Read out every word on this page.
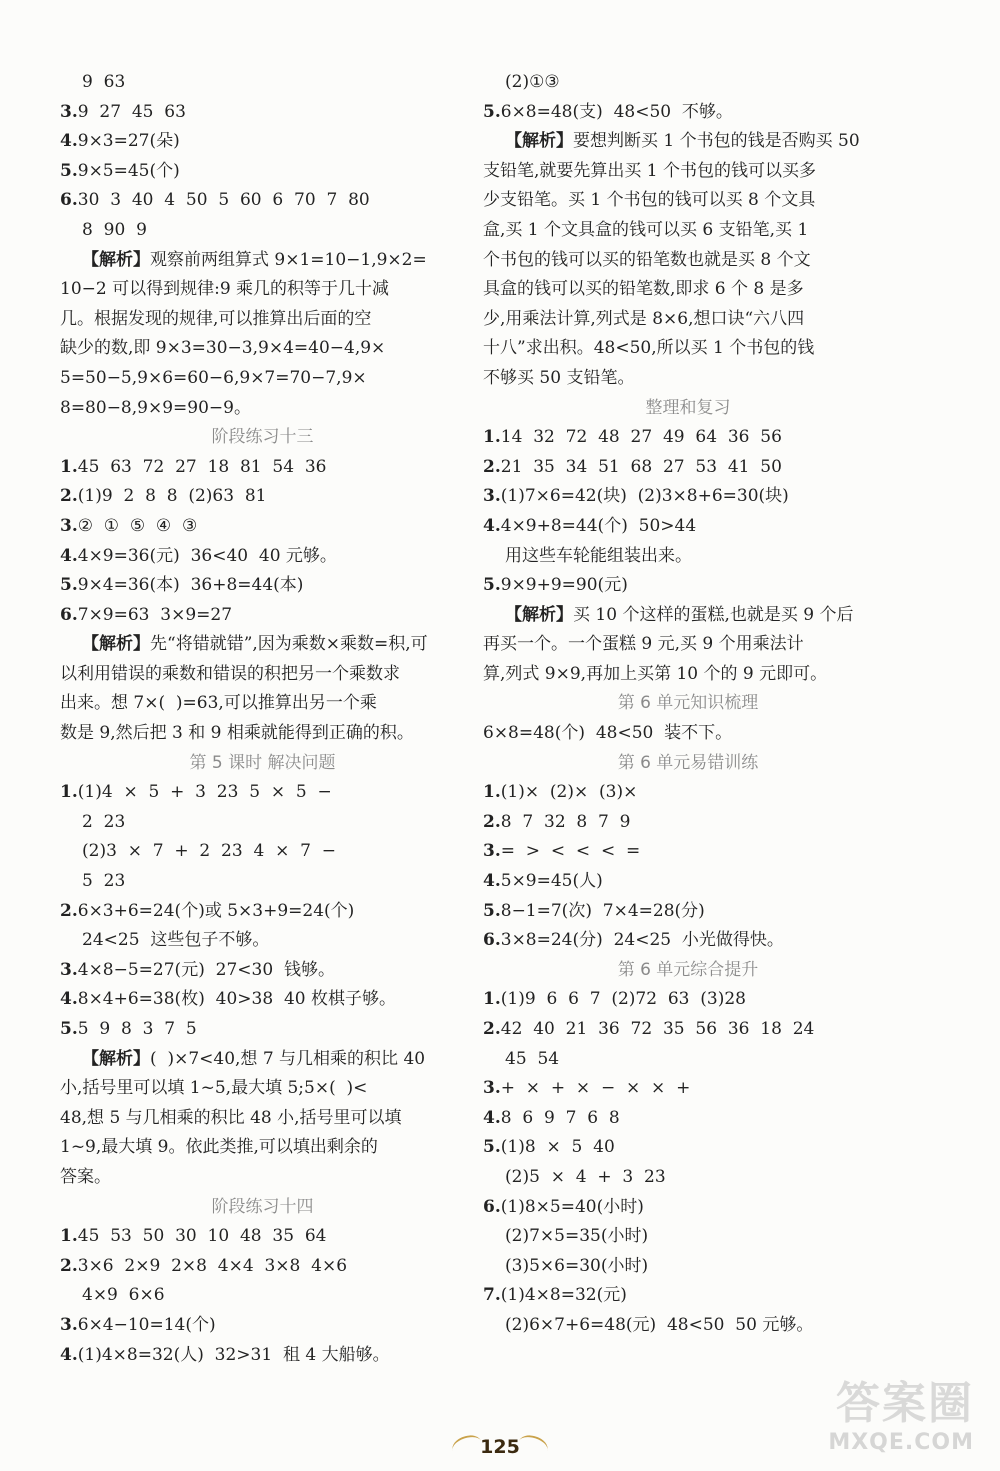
9  63
3.9  27  45  63
4.9×3=27(朵)
5.9×5=45(个)
6.30  3  40  4  50  5  60  6  70  7  80
8  90  9
【解析】观察前两组算式 9×1=10−1,9×2=
10−2 可以得到规律:9 乘几的积等于几十减
几。根据发现的规律,可以推算出后面的空
缺少的数,即 9×3=30−3,9×4=40−4,9×
5=50−5,9×6=60−6,9×7=70−7,9×
8=80−8,9×9=90−9。
阶段练习十三
1.45  63  72  27  18  81  54  36
2.(1)9  2  8  8  (2)63  81
3.②  ①  ⑤  ④  ③
4.4×9=36(元)  36<40  40 元够。
5.9×4=36(本)  36+8=44(本)
6.7×9=63  3×9=27
【解析】先“将错就错”,因为乘数×乘数=积,可
以利用错误的乘数和错误的积把另一个乘数求
出来。想 7×(  )=63,可以推算出另一个乘
数是 9,然后把 3 和 9 相乘就能得到正确的积。
第 5 课时 解决问题
1.(1)4  ×  5  +  3  23  5  ×  5  −
2  23
(2)3  ×  7  +  2  23  4  ×  7  −
5  23
2.6×3+6=24(个)或 5×3+9=24(个)
24<25  这些包子不够。
3.4×8−5=27(元)  27<30  钱够。
4.8×4+6=38(枚)  40>38  40 枚棋子够。
5.5  9  8  3  7  5
【解析】(  )×7<40,想 7 与几相乘的积比 40
小,括号里可以填 1~5,最大填 5;5×(  )<
48,想 5 与几相乘的积比 48 小,括号里可以填
1~9,最大填 9。依此类推,可以填出剩余的
答案。
阶段练习十四
1.45  53  50  30  10  48  35  64
2.3×6  2×9  2×8  4×4  3×8  4×6
4×9  6×6
3.6×4−10=14(个)
4.(1)4×8=32(人)  32>31  租 4 大船够。
(2)①③
5.6×8=48(支)  48<50  不够。
【解析】要想判断买 1 个书包的钱是否购买 50
支铅笔,就要先算出买 1 个书包的钱可以买多
少支铅笔。买 1 个书包的钱可以买 8 个文具
盒,买 1 个文具盒的钱可以买 6 支铅笔,买 1
个书包的钱可以买的铅笔数也就是买 8 个文
具盒的钱可以买的铅笔数,即求 6 个 8 是多
少,用乘法计算,列式是 8×6,想口诀“六八四
十八”求出积。48<50,所以买 1 个书包的钱
不够买 50 支铅笔。
整理和复习
1.14  32  72  48  27  49  64  36  56
2.21  35  34  51  68  27  53  41  50
3.(1)7×6=42(块)  (2)3×8+6=30(块)
4.4×9+8=44(个)  50>44
用这些车轮能组装出来。
5.9×9+9=90(元)
【解析】买 10 个这样的蛋糕,也就是买 9 个后
再买一个。一个蛋糕 9 元,买 9 个用乘法计
算,列式 9×9,再加上买第 10 个的 9 元即可。
第 6 单元知识梳理
6×8=48(个)  48<50  装不下。
第 6 单元易错训练
1.(1)×  (2)×  (3)×
2.8  7  32  8  7  9
3.=  >  <  <  <  =
4.5×9=45(人)
5.8−1=7(次)  7×4=28(分)
6.3×8=24(分)  24<25  小光做得快。
第 6 单元综合提升
1.(1)9  6  6  7  (2)72  63  (3)28
2.42  40  21  36  72  35  56  36  18  24
45  54
3.+  ×  +  ×  −  ×  ×  +
4.8  6  9  7  6  8
5.(1)8  ×  5  40
(2)5  ×  4  +  3  23
6.(1)8×5=40(小时)
(2)7×5=35(小时)
(3)5×6=30(小时)
7.(1)4×8=32(元)
(2)6×7+6=48(元)  48<50  50 元够。
125
答案圈
MXQE.COM
